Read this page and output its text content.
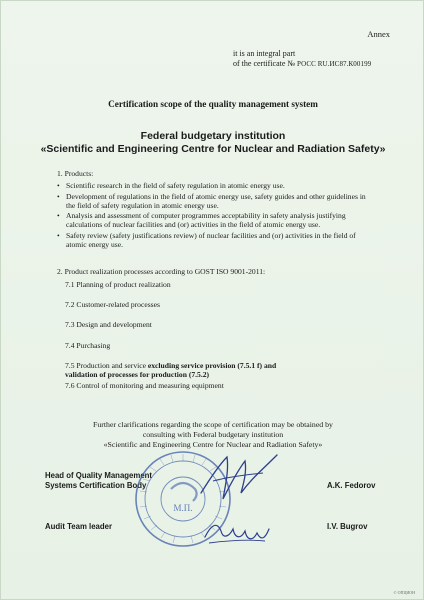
Annex
it is an integral part
of the certificate № РОСС RU.ИС87.К00199
Certification scope of the quality management system
Federal budgetary institution
«Scientific and Engineering Centre for Nuclear and Radiation Safety»
1. Products:
• Scientific research in the field of safety regulation in atomic energy use.
• Development of regulations in the field of atomic energy use, safety guides and other guidelines in the field of safety regulation in atomic energy use.
• Analysis and assessment of computer programmes acceptability in safety analysis justifying calculations of nuclear facilities and (or) activities in the field of atomic energy use.
• Safety review (safety justifications review) of nuclear facilities and (or) activities in the field of atomic energy use.
2. Product realization processes according to GOST ISO 9001-2011:
7.1 Planning of product realization
7.2 Customer-related processes
7.3 Design and development
7.4 Purchasing
7.5 Production and service excluding service provision (7.5.1 f) and
validation of processes for production (7.5.2)
7.6 Control of monitoring and measuring equipment
Further clarifications regarding the scope of certification may be obtained by
consulting with Federal budgetary institution
«Scientific and Engineering Centre for Nuclear and Radiation Safety»
Head of Quality Management
Systems Certification Body	A.K. Fedorov
Audit Team leader	I.V. Bugrov
М.П.
© ОПЦИОН
